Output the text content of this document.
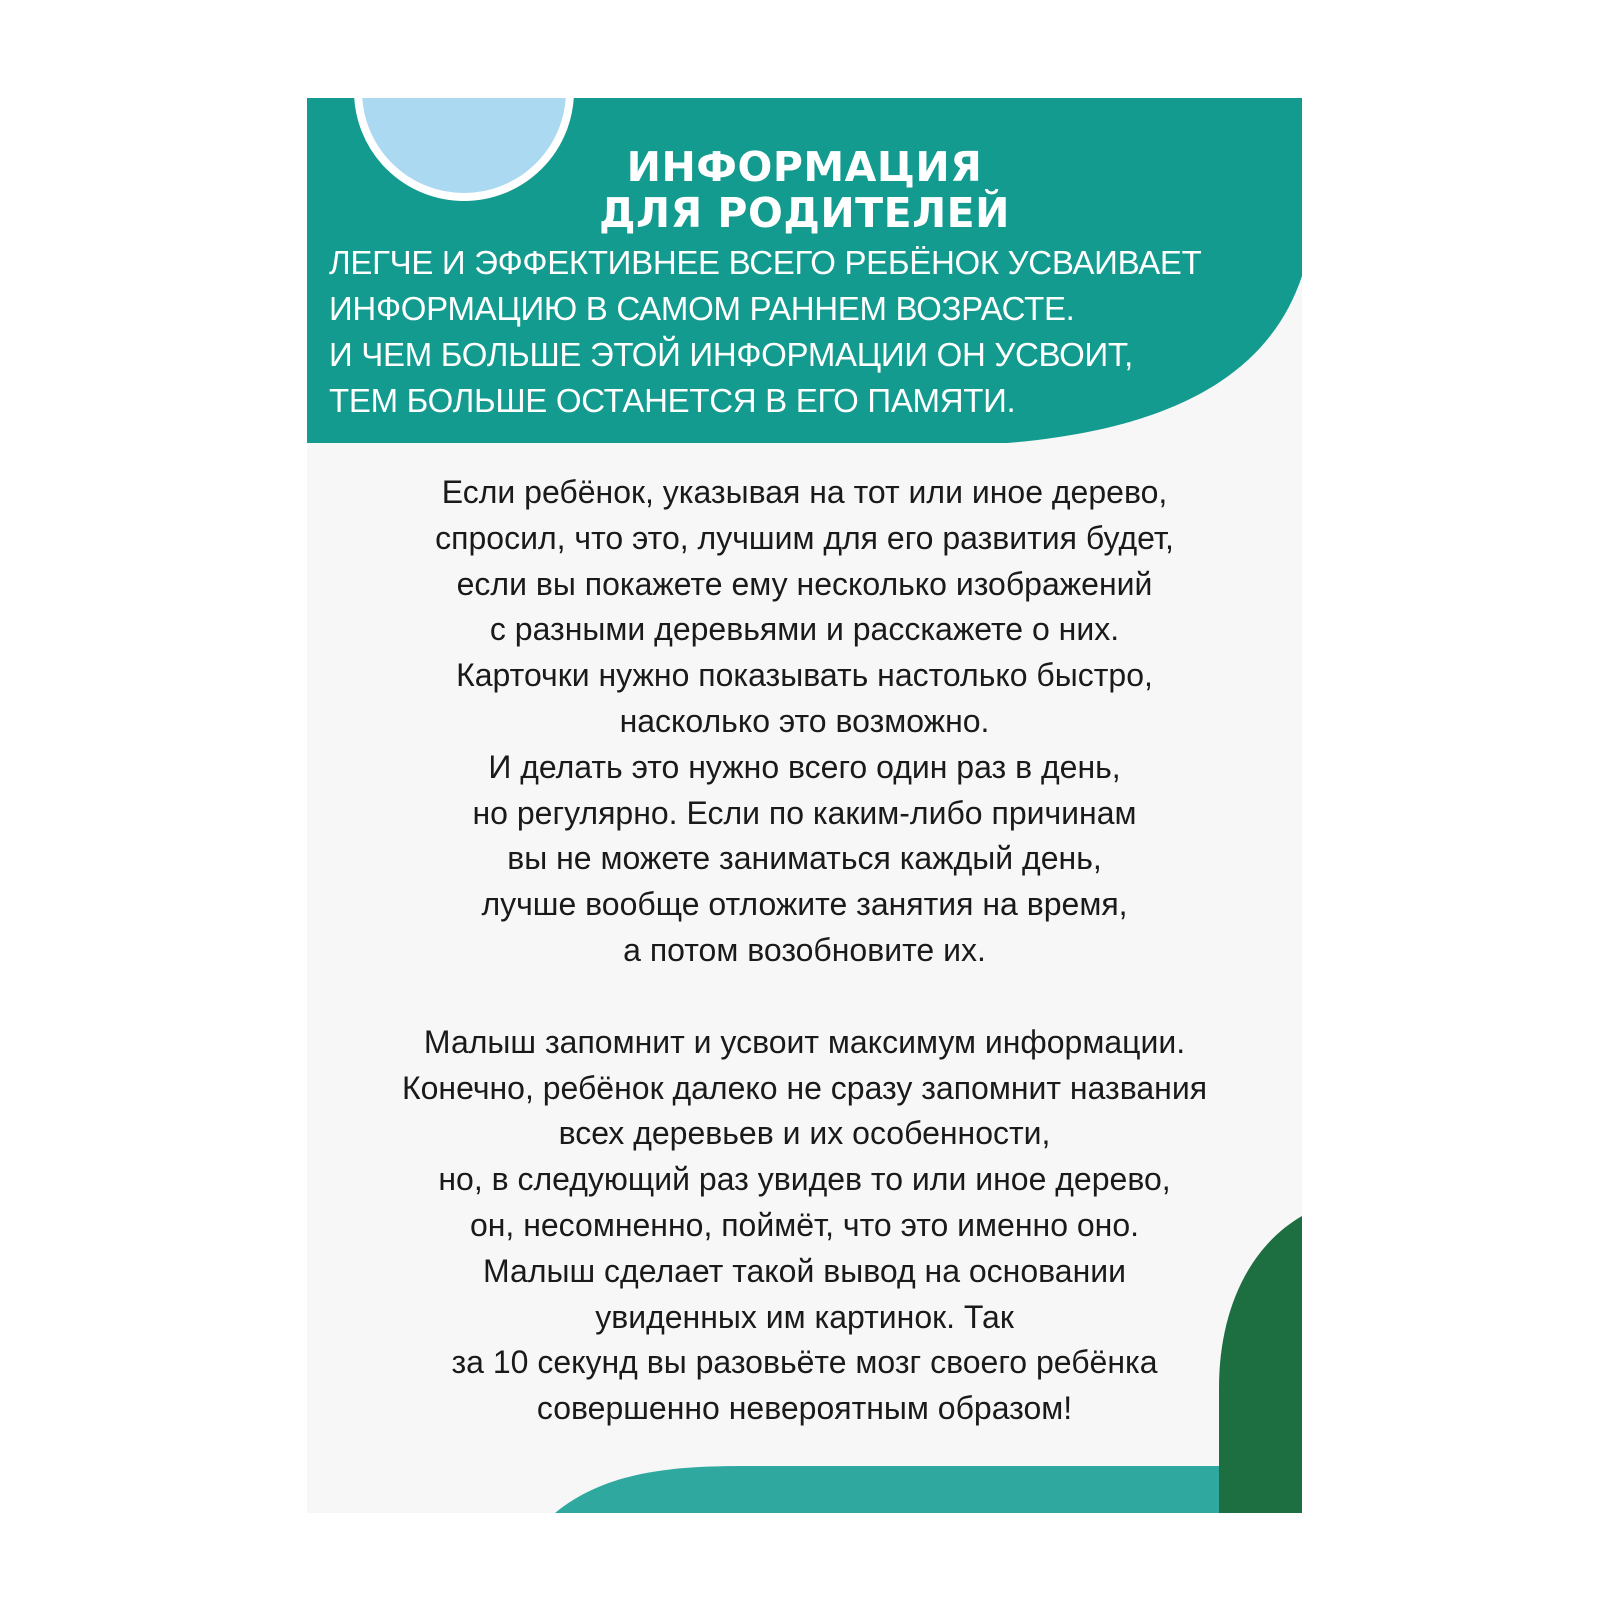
ИНФОРМАЦИЯ
ДЛЯ РОДИТЕЛЕЙ
ЛЕГЧЕ И ЭФФЕКТИВНЕЕ ВСЕГО РЕБЁНОК УСВАИВАЕТ
ИНФОРМАЦИЮ В САМОМ РАННЕМ ВОЗРАСТЕ.
И ЧЕМ БОЛЬШЕ ЭТОЙ ИНФОРМАЦИИ ОН УСВОИТ,
ТЕМ БОЛЬШЕ ОСТАНЕТСЯ В ЕГО ПАМЯТИ.
Если ребёнок, указывая на тот или иное дерево,
спросил, что это, лучшим для его развития будет,
если вы покажете ему несколько изображений
с разными деревьями и расскажете о них.
Карточки нужно показывать настолько быстро,
насколько это возможно.
И делать это нужно всего один раз в день,
но регулярно. Если по каким-либо причинам
вы не можете заниматься каждый день,
лучше вообще отложите занятия на время,
а потом возобновите их.
Малыш запомнит и усвоит максимум информации.
Конечно, ребёнок далеко не сразу запомнит названия
всех деревьев и их особенности,
но, в следующий раз увидев то или иное дерево,
он, несомненно, поймёт, что это именно оно.
Малыш сделает такой вывод на основании
увиденных им картинок. Так
за 10 секунд вы разовьёте мозг своего ребёнка
совершенно невероятным образом!
